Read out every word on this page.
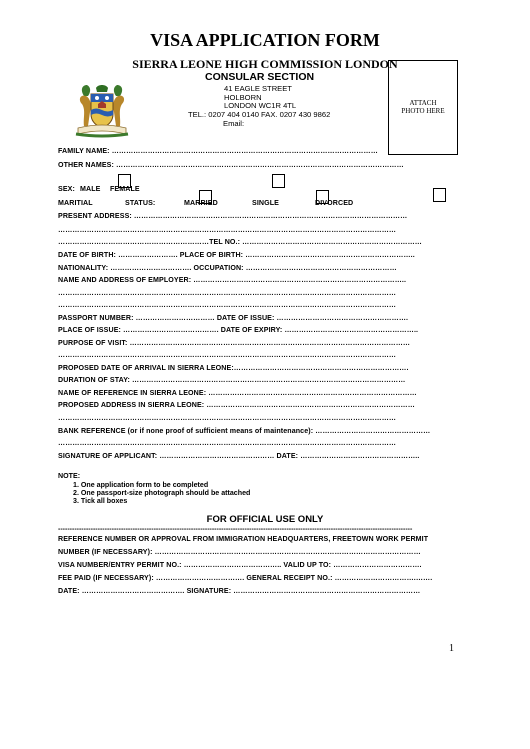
VISA APPLICATION FORM
SIERRA LEONE HIGH COMMISSION LONDON
CONSULAR SECTION
41 EAGLE STREET
HOLBORN
LONDON WC1R 4TL
TEL.: 0207 404 0140 FAX. 0207 430 9862
Email:
ATTACH
PHOTO HERE
FAMILY NAME: …………………………………………………………………………………………………
OTHER NAMES: …………………………………………………………………………………………………………
SEX: MALE FEMALE
MARITIAL	STATUS:	MARRIED	SINGLE	DIVORCED
PRESENT ADDRESS: ……………………………………………………………………………………………………
……………………………………………………………………………………………………………………………
………………………………………………………TEL NO.: …………………………………………………………………
DATE OF BIRTH: ……………………. PLACE OF BIRTH: ……………………………………………………………..
NATIONALITY: ……………………………. OCCUPATION: ………………………………………………………
NAME AND ADDRESS OF EMPLOYER: ……………………………………………………………………………..
……………………………………………………………………………………………………………………………
……………………………………………………………………………………………………………………………
PASSPORT NUMBER: …………………………… DATE OF ISSUE: ……………………………………………….
PLACE OF ISSUE: …………………………………. DATE OF EXPIRY: ………………………………………………..
PURPOSE OF VISIT: ………………………………………………………………………………………………………
……………………………………………………………………………………………………………………………
PROPOSED DATE OF ARRIVAL IN SIERRA LEONE:……………………………………………………………….
DURATION OF STAY: ……………………………………………………………………………………………………
NAME OF REFERENCE IN SIERRA LEONE: ……………………………………………………………………………
PROPOSED ADDRESS IN SIERRA LEONE: ……………………………………………………………………………
……………………………………………………………………………………………………………………………
BANK REFERENCE (or if none proof of sufficient means of maintenance): …………………………………………
……………………………………………………………………………………………………………………………
SIGNATURE OF APPLICANT: ………………………………………… DATE: …………………………………………..
NOTE:
1. One application form to be completed
2. One passport-size photograph should be attached
3. Tick all boxes
FOR OFFICIAL USE ONLY
--------------------------------------------------------------------------------------------------------------------------------------------------------
REFERENCE NUMBER OR APPROVAL FROM IMMIGRATION HEADQUARTERS, FREETOWN WORK PERMIT
NUMBER (IF NECESSARY): …………………………………………………………………………………………………
VISA NUMBER/ENTRY PERMIT NO.: ………………………………….. VALID UP TO: ……………………………….
FEE PAID (IF NECESSARY): ………………………………. GENERAL RECEIPT NO.: …………………………….…….
DATE: ……………………………………. SIGNATURE: ……………………………………………………………………
1
